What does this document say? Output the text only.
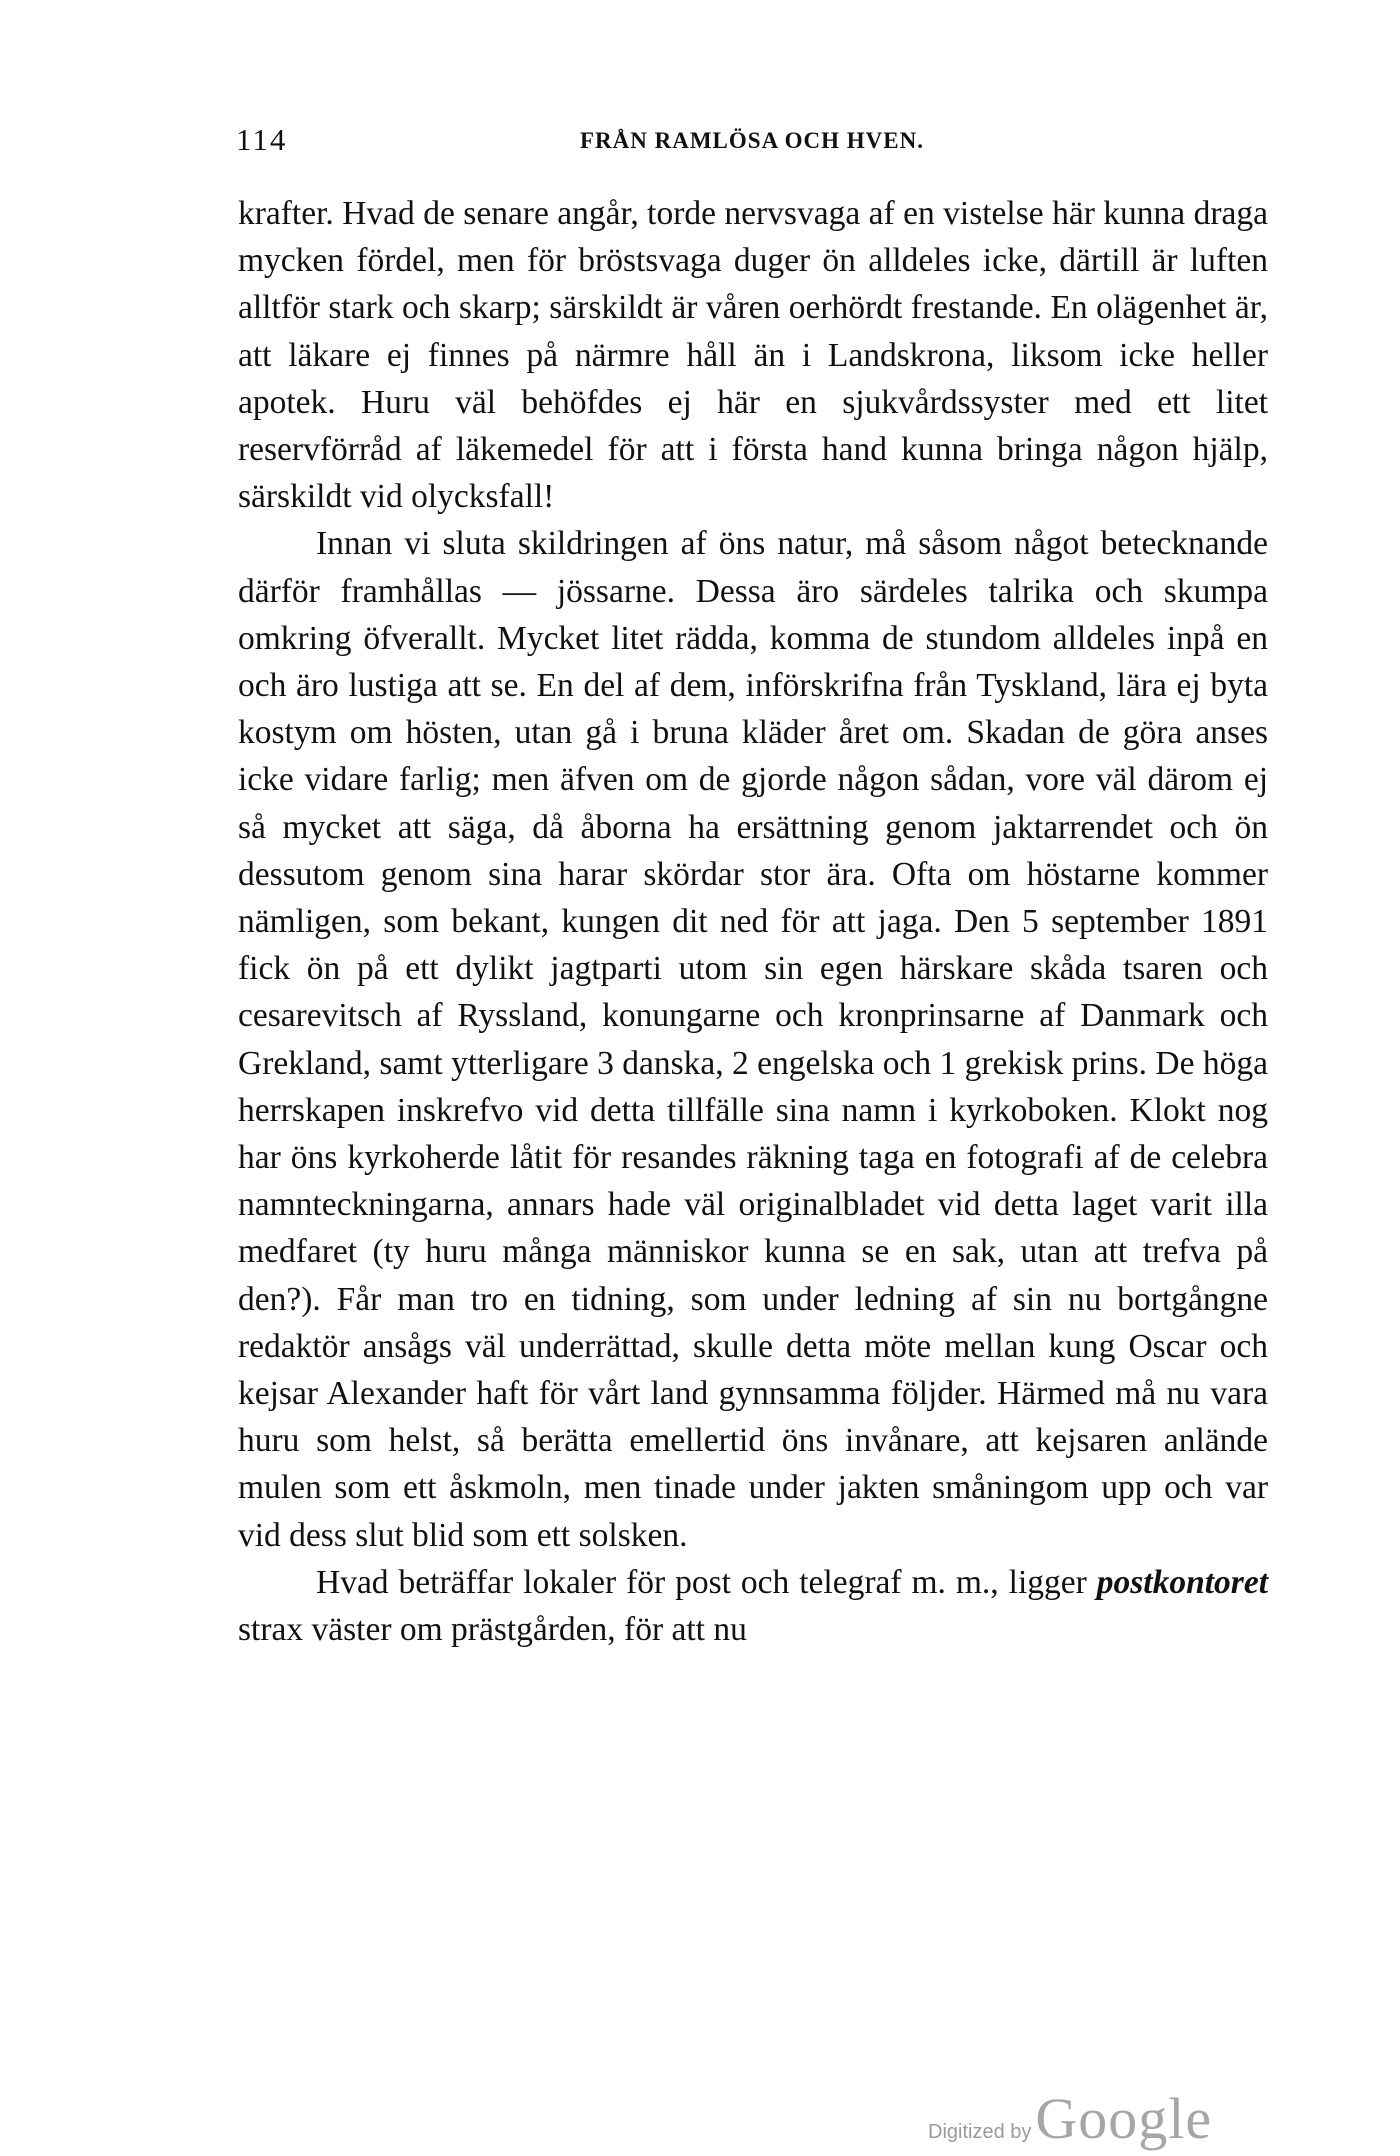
114	FRÅN RAMLÖSA OCH HVEN.

krafter. Hvad de senare angår, torde nervsvaga af en vistelse här kunna draga mycken fördel, men för bröstsvaga duger ön alldeles icke, därtill är luften alltför stark och skarp; särskildt är våren oerhördt frestande. En olägenhet är, att läkare ej finnes på närmre håll än i Landskrona, liksom icke heller apotek. Huru väl behöfdes ej här en sjukvårdssyster med ett litet reservförråd af läkemedel för att i första hand kunna bringa någon hjälp, särskildt vid olycksfall!

Innan vi sluta skildringen af öns natur, må såsom något betecknande därför framhållas — jössarne. Dessa äro särdeles talrika och skumpa omkring öfverallt. Mycket litet rädda, komma de stundom alldeles inpå en och äro lustiga att se. En del af dem, införskrifna från Tyskland, lära ej byta kostym om hösten, utan gå i bruna kläder året om. Skadan de göra anses icke vidare farlig; men äfven om de gjorde någon sådan, vore väl därom ej så mycket att säga, då åborna ha ersättning genom jaktarrendet och ön dessutom genom sina harar skördar stor ära. Ofta om höstarne kommer nämligen, som bekant, kungen dit ned för att jaga. Den 5 september 1891 fick ön på ett dylikt jagtparti utom sin egen härskare skåda tsaren och cesarevitsch af Ryssland, konungarne och kronprinsarne af Danmark och Grekland, samt ytterligare 3 danska, 2 engelska och 1 grekisk prins. De höga herrskapen inskrefvo vid detta tillfälle sina namn i kyrkoboken. Klokt nog har öns kyrkoherde låtit för resandes räkning taga en fotografi af de celebra namnteckningarna, annars hade väl originalbladet vid detta laget varit illa medfaret (ty huru många människor kunna se en sak, utan att trefva på den?). Får man tro en tidning, som under ledning af sin nu bortgångne redaktör ansågs väl underrättad, skulle detta möte mellan kung Oscar och kejsar Alexander haft för vårt land gynnsamma följder. Härmed må nu vara huru som helst, så berätta emellertid öns invånare, att kejsaren anlände mulen som ett åskmoln, men tinade under jakten småningom upp och var vid dess slut blid som ett solsken.

Hvad beträffar lokaler för post och telegraf m. m., ligger postkontoret strax väster om prästgården, för att nu

Digitized by Google
